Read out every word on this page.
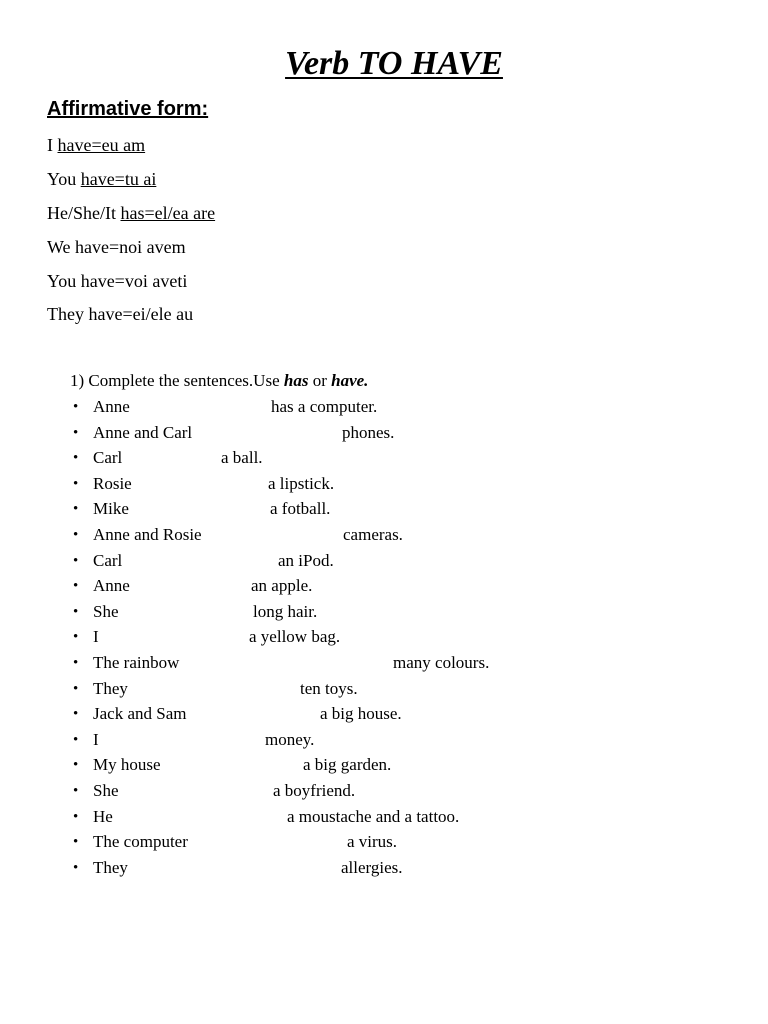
Verb TO HAVE
Affirmative form:
I have=eu am
You have=tu ai
He/She/It has=el/ea are
We have=noi avem
You have=voi aveti
They have=ei/ele au
1) Complete the sentences.Use has or have.
• Anne	has a computer.
• Anne and Carl	phones.
• Carl	a ball.
• Rosie	a lipstick.
• Mike	a fotball.
• Anne and Rosie	cameras.
• Carl	an iPod.
• Anne	an apple.
• She	long hair.
• I	a yellow bag.
• The rainbow	many colours.
• They	ten toys.
• Jack and Sam	a big house.
• I	money.
• My house	a big garden.
• She	a boyfriend.
• He	a moustache and a tattoo.
• The computer	a virus.
• They	allergies.
